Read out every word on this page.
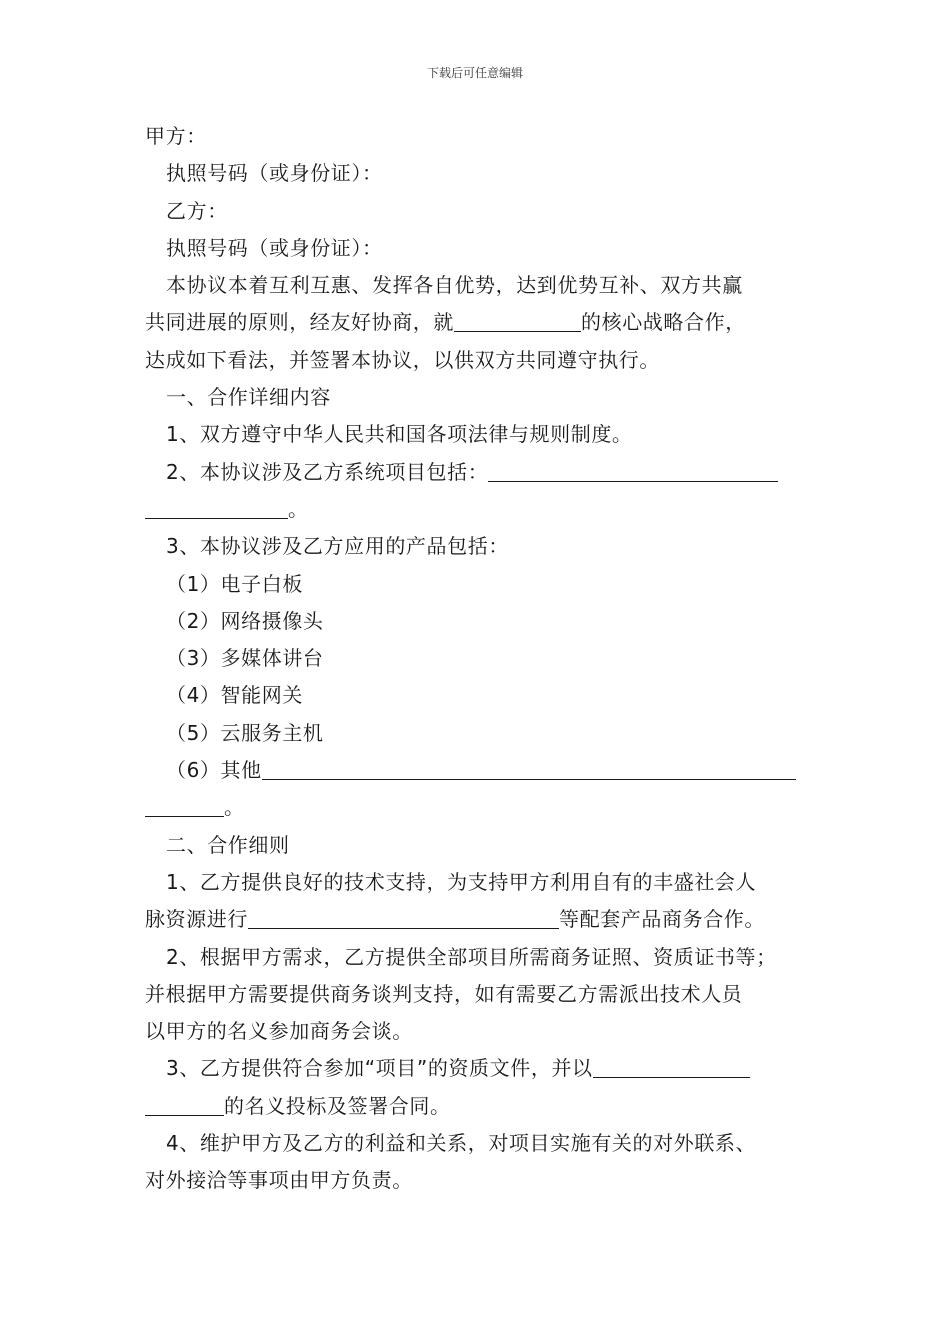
下载后可任意编辑
甲方：
执照号码（或身份证）：
乙方：
执照号码（或身份证）：
本协议本着互利互惠、发挥各自优势，达到优势互补、双方共赢
共同进展的原则，经友好协商，就	的核心战略合作，
达成如下看法，并签署本协议，以供双方共同遵守执行。
一、合作详细内容
1、双方遵守中华人民共和国各项法律与规则制度。
2、本协议涉及乙方系统项目包括：
。
3、本协议涉及乙方应用的产品包括：
（1）电子白板
（2）网络摄像头
（3）多媒体讲台
（4）智能网关
（5）云服务主机
（6）其他
。
二、合作细则
1、乙方提供良好的技术支持，为支持甲方利用自有的丰盛社会人
脉资源进行	等配套产品商务合作。
2、根据甲方需求，乙方提供全部项目所需商务证照、资质证书等；
并根据甲方需要提供商务谈判支持，如有需要乙方需派出技术人员
以甲方的名义参加商务会谈。
3、乙方提供符合参加“项目”的资质文件，并以
的名义投标及签署合同。
4、维护甲方及乙方的利益和关系，对项目实施有关的对外联系、
对外接洽等事项由甲方负责。
